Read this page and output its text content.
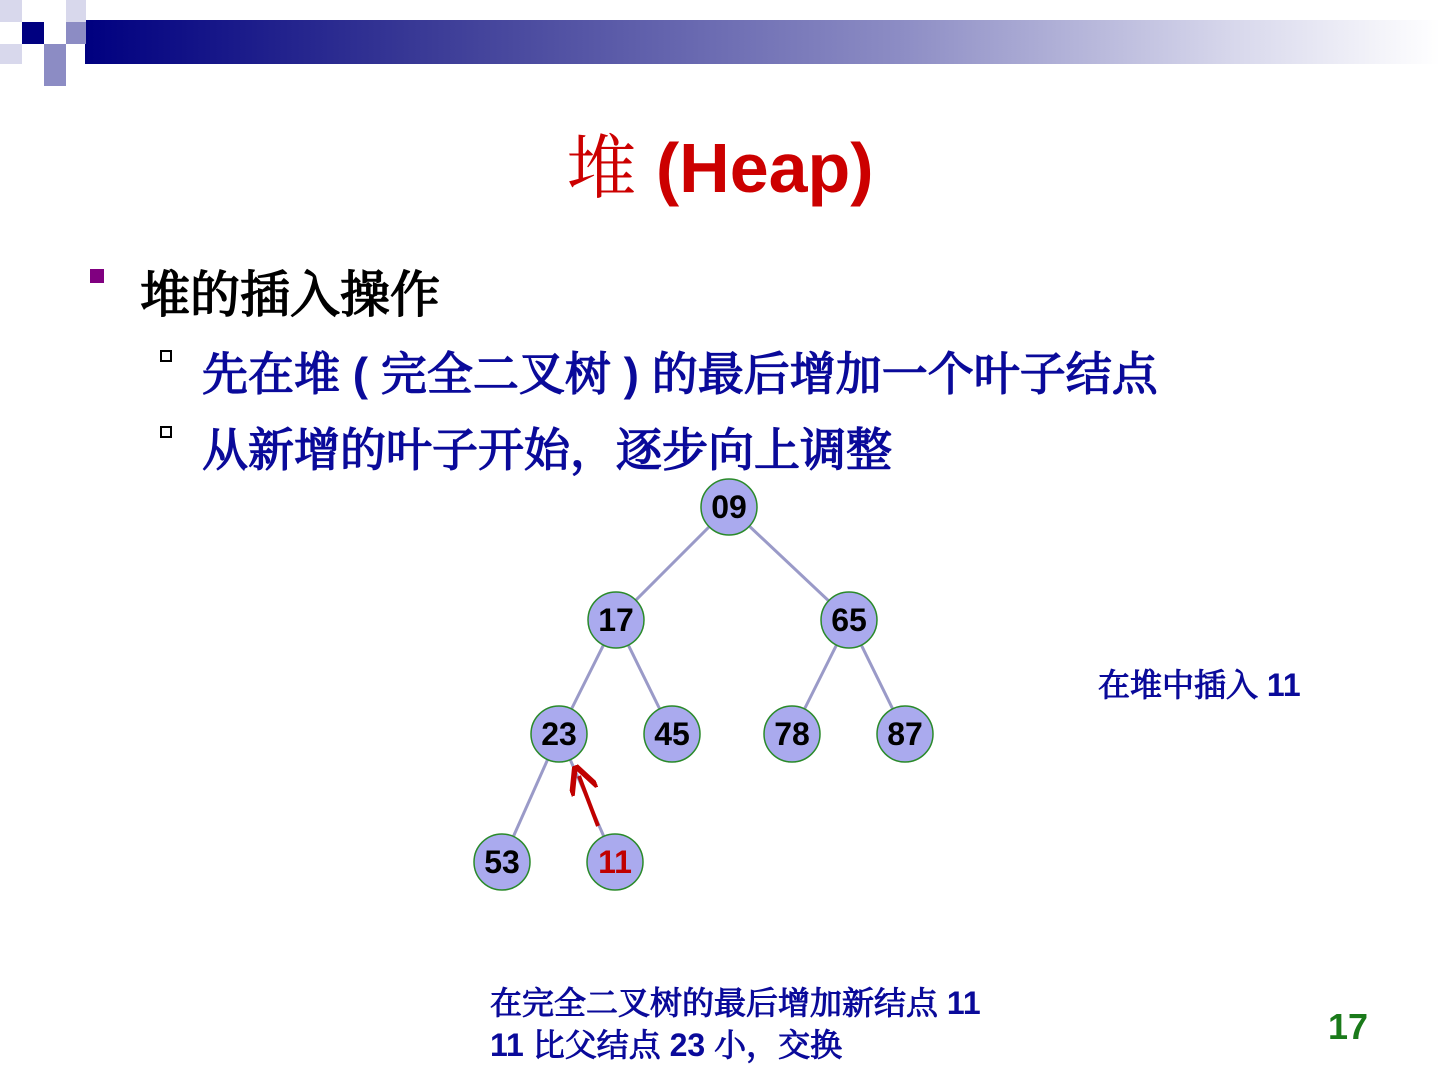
堆 (Heap)
堆的插入操作
先在堆 ( 完全二叉树 ) 的最后增加一个叶子结点
从新增的叶子开始，逐步向上调整
09
17	65
23 45	78 87
53 11
在堆中插入 11
在完全二叉树的最后增加新结点 11
11 比父结点 23 小，交换	17
